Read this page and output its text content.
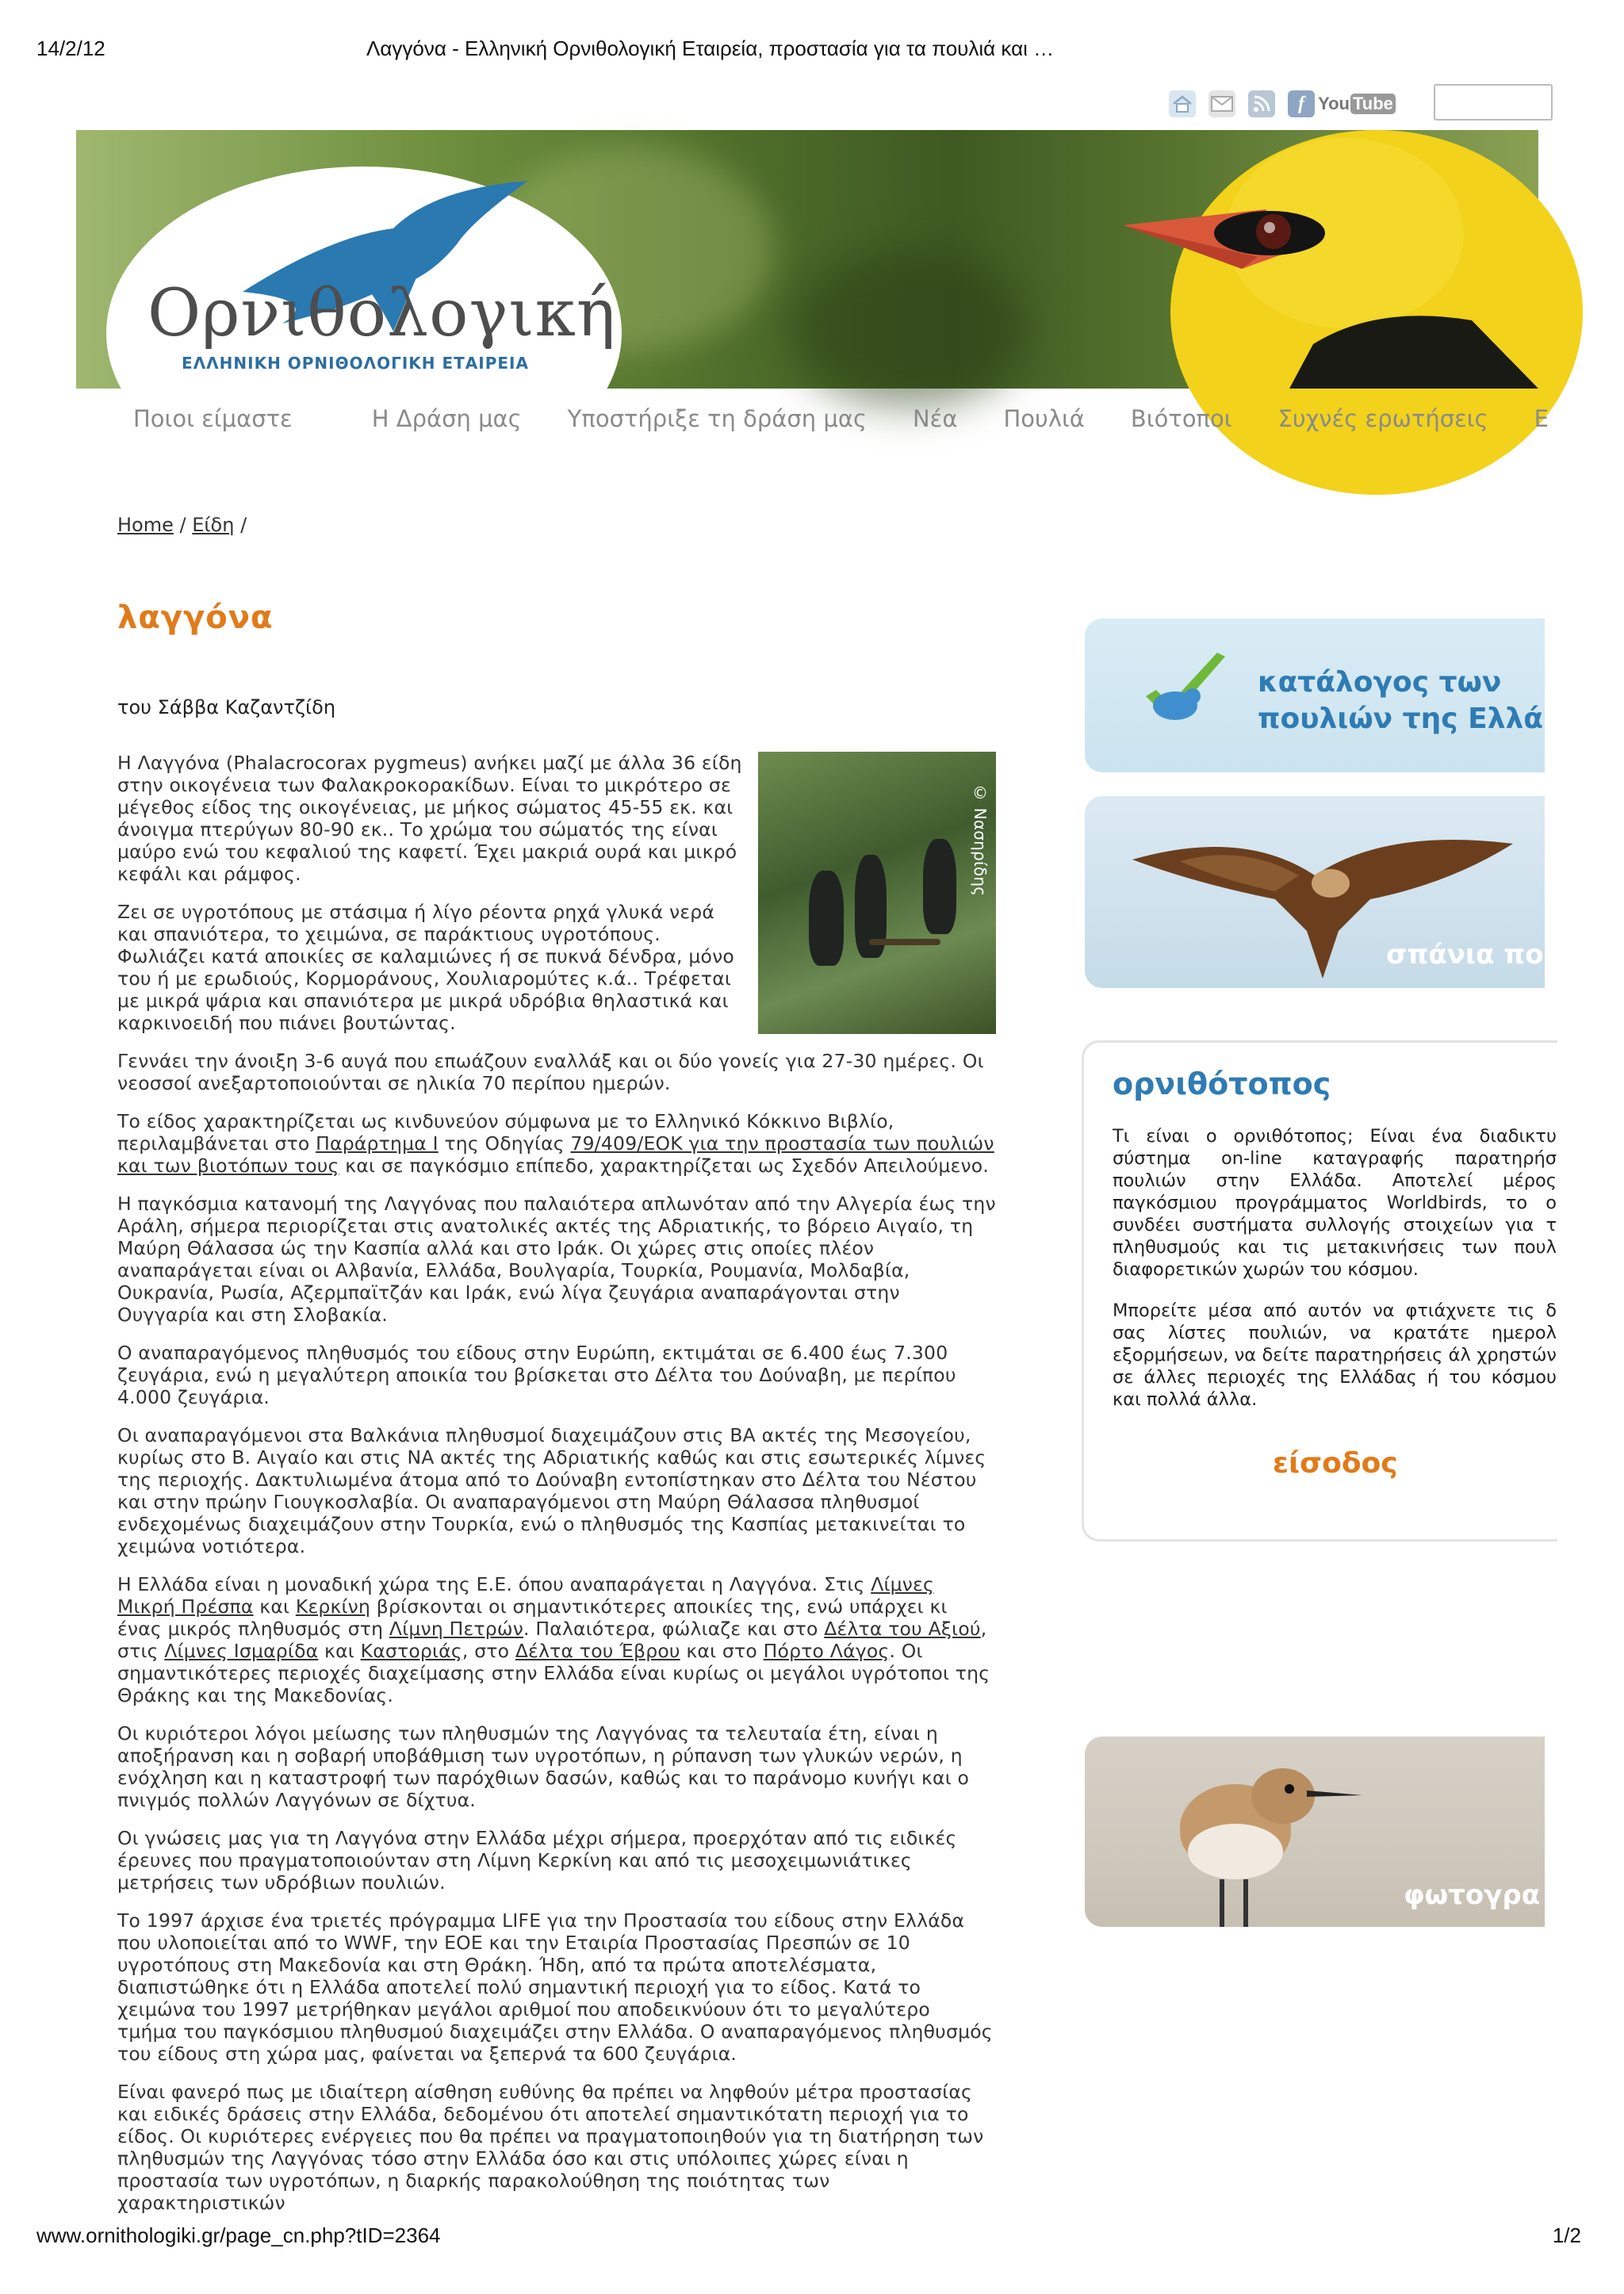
14/2/12	Λαγγόνα - Ελληνική Ορνιθολογική Εταιρεία, προστασία για τα πουλιά και …
f You Tube
Ορνιθολογική
ΕΛΛΗΝΙΚΗ ΟΡΝΙΘΟΛΟΓΙΚΗ ΕΤΑΙΡΕΙΑ
Ποιοι είμαστε	Η Δράση μας Υποστήριξε τη δράση μας Νέα Πουλιά Βιότοποι Συχνές ερωτήσεις Ε
Home / Είδη /
λαγγόνα
του Σάββα Καζαντζίδη
© Νασηρίδης

Η Λαγγόνα (Phalacrocorax pygmeus) ανήκει μαζί με άλλα 36 είδη στην οικογένεια των Φαλακροκορακίδων. Είναι το μικρότερο σε μέγεθος είδος της οικογένειας, με μήκος σώματος 45-55 εκ. και άνοιγμα πτερύγων 80-90 εκ.. Το χρώμα του σώματός της είναι μαύρο ενώ του κεφαλιού της καφετί. Έχει μακριά ουρά και μικρό κεφάλι και ράμφος.

Ζει σε υγροτόπους με στάσιμα ή λίγο ρέοντα ρηχά γλυκά νερά και σπανιότερα, το χειμώνα, σε παράκτιους υγροτόπους. Φωλιάζει κατά αποικίες σε καλαμιώνες ή σε πυκνά δένδρα, μόνο του ή με ερωδιούς, Κορμοράνους, Χουλιαρομύτες κ.ά.. Τρέφεται με μικρά ψάρια και σπανιότερα με μικρά υδρόβια θηλαστικά και καρκινοειδή που πιάνει βουτώντας.

Γεννάει την άνοιξη 3-6 αυγά που επωάζουν εναλλάξ και οι δύο γονείς για 27-30 ημέρες. Οι νεοσσοί ανεξαρτοποιούνται σε ηλικία 70 περίπου ημερών.

Το είδος χαρακτηρίζεται ως κινδυνεύον σύμφωνα με το Ελληνικό Κόκκινο Βιβλίο, περιλαμβάνεται στο Παράρτημα Ι της Οδηγίας 79/409/ΕΟΚ για την προστασία των πουλιών και των βιοτόπων τους και σε παγκόσμιο επίπεδο, χαρακτηρίζεται ως Σχεδόν Απειλούμενο.

Η παγκόσμια κατανομή της Λαγγόνας που παλαιότερα απλωνόταν από την Αλγερία έως την Αράλη, σήμερα περιορίζεται στις ανατολικές ακτές της Αδριατικής, το βόρειο Αιγαίο, τη Μαύρη Θάλασσα ώς την Κασπία αλλά και στο Ιράκ. Οι χώρες στις οποίες πλέον αναπαράγεται είναι οι Αλβανία, Ελλάδα, Βουλγαρία, Τουρκία, Ρουμανία, Μολδαβία, Ουκρανία, Ρωσία, Αζερμπαϊτζάν και Ιράκ, ενώ λίγα ζευγάρια αναπαράγονται στην Ουγγαρία και στη Σλοβακία.

Ο αναπαραγόμενος πληθυσμός του είδους στην Ευρώπη, εκτιμάται σε 6.400 έως 7.300 ζευγάρια, ενώ η μεγαλύτερη αποικία του βρίσκεται στο Δέλτα του Δούναβη, με περίπου 4.000 ζευγάρια.

Οι αναπαραγόμενοι στα Βαλκάνια πληθυσμοί διαχειμάζουν στις ΒΑ ακτές της Μεσογείου, κυρίως στο Β. Αιγαίο και στις ΝΑ ακτές της Αδριατικής καθώς και στις εσωτερικές λίμνες της περιοχής. Δακτυλιωμένα άτομα από το Δούναβη εντοπίστηκαν στο Δέλτα του Νέστου και στην πρώην Γιουγκοσλαβία. Οι αναπαραγόμενοι στη Μαύρη Θάλασσα πληθυσμοί ενδεχομένως διαχειμάζουν στην Τουρκία, ενώ ο πληθυσμός της Κασπίας μετακινείται το χειμώνα νοτιότερα.

Η Ελλάδα είναι η μοναδική χώρα της Ε.Ε. όπου αναπαράγεται η Λαγγόνα. Στις Λίμνες Μικρή Πρέσπα και Κερκίνη βρίσκονται οι σημαντικότερες αποικίες της, ενώ υπάρχει κι ένας μικρός πληθυσμός στη Λίμνη Πετρών. Παλαιότερα, φώλιαζε και στο Δέλτα του Αξιού, στις Λίμνες Ισμαρίδα και Καστοριάς, στο Δέλτα του Έβρου και στο Πόρτο Λάγος. Οι σημαντικότερες περιοχές διαχείμασης στην Ελλάδα είναι κυρίως οι μεγάλοι υγρότοποι της Θράκης και της Μακεδονίας.

Οι κυριότεροι λόγοι μείωσης των πληθυσμών της Λαγγόνας τα τελευταία έτη, είναι η αποξήρανση και η σοβαρή υποβάθμιση των υγροτόπων, η ρύπανση των γλυκών νερών, η ενόχληση και η καταστροφή των παρόχθιων δασών, καθώς και το παράνομο κυνήγι και ο πνιγμός πολλών Λαγγόνων σε δίχτυα.

Οι γνώσεις μας για τη Λαγγόνα στην Ελλάδα μέχρι σήμερα, προερχόταν από τις ειδικές έρευνες που πραγματοποιούνταν στη Λίμνη Κερκίνη και από τις μεσοχειμωνιάτικες μετρήσεις των υδρόβιων πουλιών.

Το 1997 άρχισε ένα τριετές πρόγραμμα LIFE για την Προστασία του είδους στην Ελλάδα που υλοποιείται από το WWF, την ΕΟΕ και την Εταιρία Προστασίας Πρεσπών σε 10 υγροτόπους στη Μακεδονία και στη Θράκη. Ήδη, από τα πρώτα αποτελέσματα, διαπιστώθηκε ότι η Ελλάδα αποτελεί πολύ σημαντική περιοχή για το είδος. Κατά το χειμώνα του 1997 μετρήθηκαν μεγάλοι αριθμοί που αποδεικνύουν ότι το μεγαλύτερο τμήμα του παγκόσμιου πληθυσμού διαχειμάζει στην Ελλάδα. Ο αναπαραγόμενος πληθυσμός του είδους στη χώρα μας, φαίνεται να ξεπερνά τα 600 ζευγάρια.

Είναι φανερό πως με ιδιαίτερη αίσθηση ευθύνης θα πρέπει να ληφθούν μέτρα προστασίας και ειδικές δράσεις στην Ελλάδα, δεδομένου ότι αποτελεί σημαντικότατη περιοχή για το είδος. Οι κυριότερες ενέργειες που θα πρέπει να πραγματοποιηθούν για τη διατήρηση των πληθυσμών της Λαγγόνας τόσο στην Ελλάδα όσο και στις υπόλοιπες χώρες είναι η προστασία των υγροτόπων, η διαρκής παρακολούθηση της ποιότητας των χαρακτηριστικών

κατάλογος των
πουλιών της Ελλά
σπάνια πο
ορνιθότοπος

Τι είναι ο ορνιθότοπος; Είναι ένα διαδικτυ σύστημα on-line καταγραφής παρατηρήσ πουλιών στην Ελλάδα. Αποτελεί μέρος παγκόσμιου προγράμματος Worldbirds, το ο συνδέει συστήματα συλλογής στοιχείων για τ πληθυσμούς και τις μετακινήσεις των πουλ διαφορετικών χωρών του κόσμου.

Μπορείτε μέσα από αυτόν να φτιάχνετε τις δ σας λίστες πουλιών, να κρατάτε ημερολ εξορμήσεων, να δείτε παρατηρήσεις άλ χρηστών σε άλλες περιοχές της Ελλάδας ή του κόσμου και πολλά άλλα.

είσοδος
φωτογρα
www.ornithologiki.gr/page_cn.php?tID=2364	1/2
